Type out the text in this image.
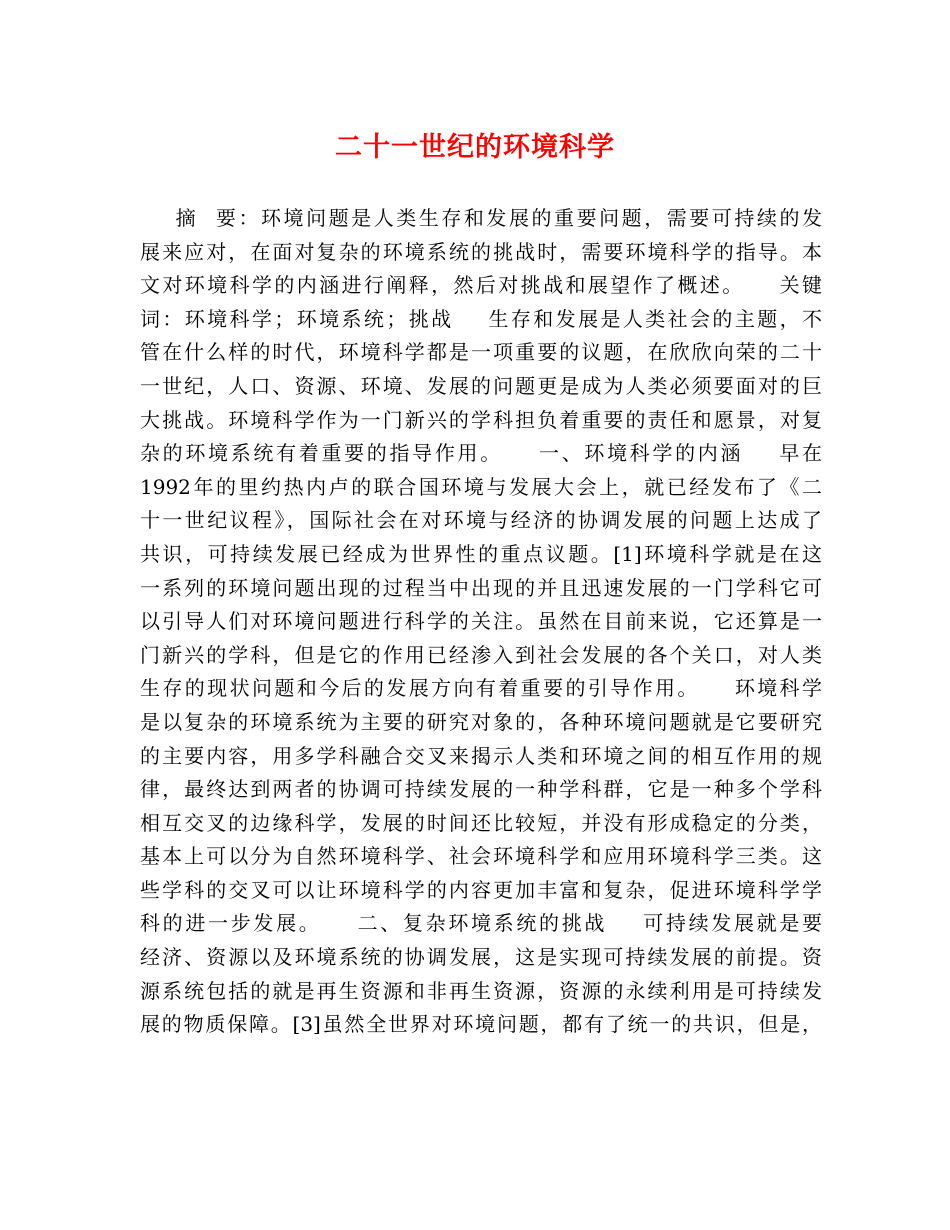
二十一世纪的环境科学
摘  要：环境问题是人类生存和发展的重要问题，需要可持续的发
展来应对，在面对复杂的环境系统的挑战时，需要环境科学的指导。本
文对环境科学的内涵进行阐释，然后对挑战和展望作了概述。    关键
词：环境科学；环境系统；挑战    生存和发展是人类社会的主题，不
管在什么样的时代，环境科学都是一项重要的议题，在欣欣向荣的二十
一世纪，人口、资源、环境、发展的问题更是成为人类必须要面对的巨
大挑战。环境科学作为一门新兴的学科担负着重要的责任和愿景，对复
杂的环境系统有着重要的指导作用。    一、环境科学的内涵    早在
1992年的里约热内卢的联合国环境与发展大会上，就已经发布了《二
十一世纪议程》，国际社会在对环境与经济的协调发展的问题上达成了
共识，可持续发展已经成为世界性的重点议题。[1]环境科学就是在这
一系列的环境问题出现的过程当中出现的并且迅速发展的一门学科它可
以引导人们对环境问题进行科学的关注。虽然在目前来说，它还算是一
门新兴的学科，但是它的作用已经渗入到社会发展的各个关口，对人类
生存的现状问题和今后的发展方向有着重要的引导作用。    环境科学
是以复杂的环境系统为主要的研究对象的，各种环境问题就是它要研究
的主要内容，用多学科融合交叉来揭示人类和环境之间的相互作用的规
律，最终达到两者的协调可持续发展的一种学科群，它是一种多个学科
相互交叉的边缘科学，发展的时间还比较短，并没有形成稳定的分类，
基本上可以分为自然环境科学、社会环境科学和应用环境科学三类。这
些学科的交叉可以让环境科学的内容更加丰富和复杂，促进环境科学学
科的进一步发展。    二、复杂环境系统的挑战    可持续发展就是要
经济、资源以及环境系统的协调发展，这是实现可持续发展的前提。资
源系统包括的就是再生资源和非再生资源，资源的永续利用是可持续发
展的物质保障。[3]虽然全世界对环境问题，都有了统一的共识，但是，
